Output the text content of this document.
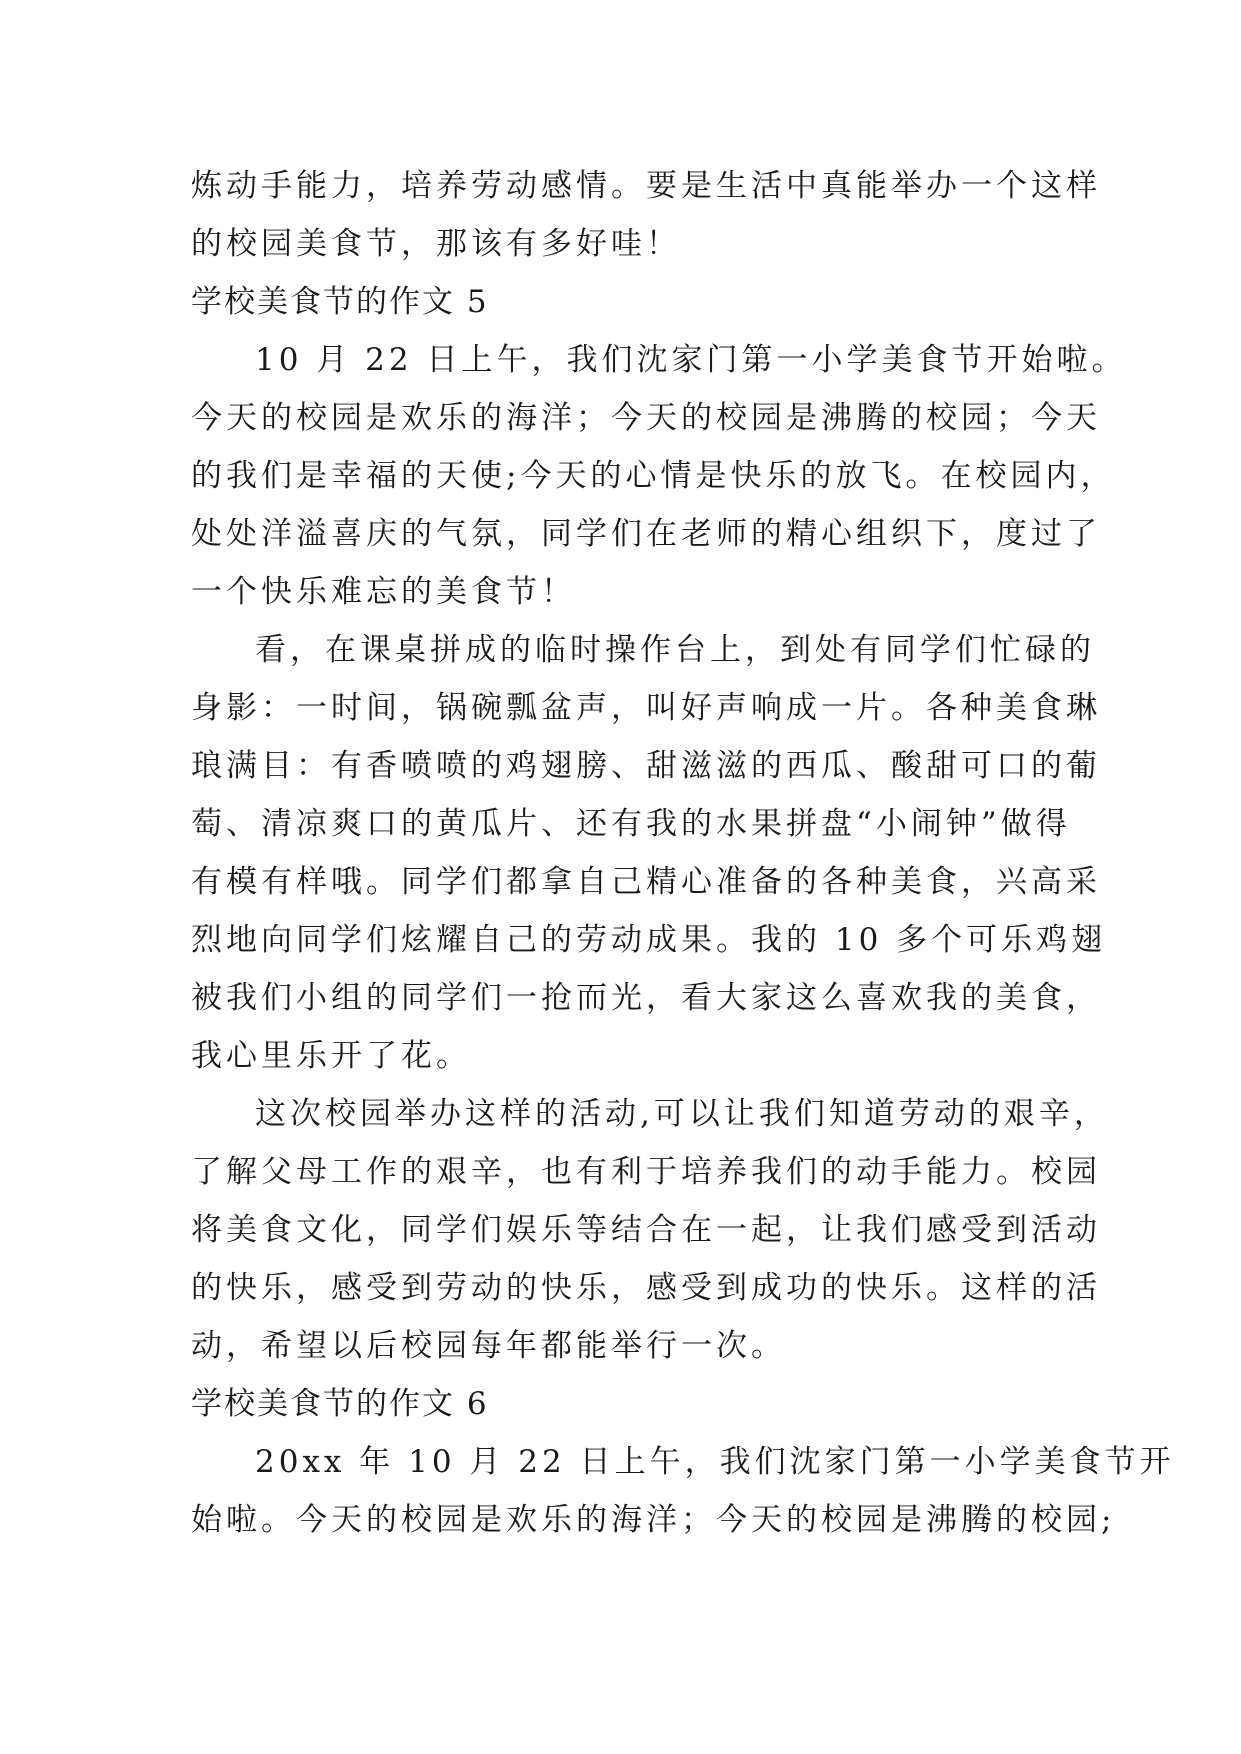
炼动手能力，培养劳动感情。要是生活中真能举办一个这样
的校园美食节，那该有多好哇！
学校美食节的作文 5
10 月 22 日上午，我们沈家门第一小学美食节开始啦。
今天的校园是欢乐的海洋；今天的校园是沸腾的校园；今天
的我们是幸福的天使;今天的心情是快乐的放飞。在校园内，
处处洋溢喜庆的气氛，同学们在老师的精心组织下，度过了
一个快乐难忘的美食节！
看，在课桌拼成的临时操作台上，到处有同学们忙碌的
身影：一时间，锅碗瓢盆声，叫好声响成一片。各种美食琳
琅满目：有香喷喷的鸡翅膀、甜滋滋的西瓜、酸甜可口的葡
萄、清凉爽口的黄瓜片、还有我的水果拼盘“小闹钟”做得
有模有样哦。同学们都拿自己精心准备的各种美食，兴高采
烈地向同学们炫耀自己的劳动成果。我的 10 多个可乐鸡翅
被我们小组的同学们一抢而光，看大家这么喜欢我的美食，
我心里乐开了花。
这次校园举办这样的活动,可以让我们知道劳动的艰辛，
了解父母工作的艰辛，也有利于培养我们的动手能力。校园
将美食文化，同学们娱乐等结合在一起，让我们感受到活动
的快乐，感受到劳动的快乐，感受到成功的快乐。这样的活
动，希望以后校园每年都能举行一次。
学校美食节的作文 6
20xx 年 10 月 22 日上午，我们沈家门第一小学美食节开
始啦。今天的校园是欢乐的海洋；今天的校园是沸腾的校园;
